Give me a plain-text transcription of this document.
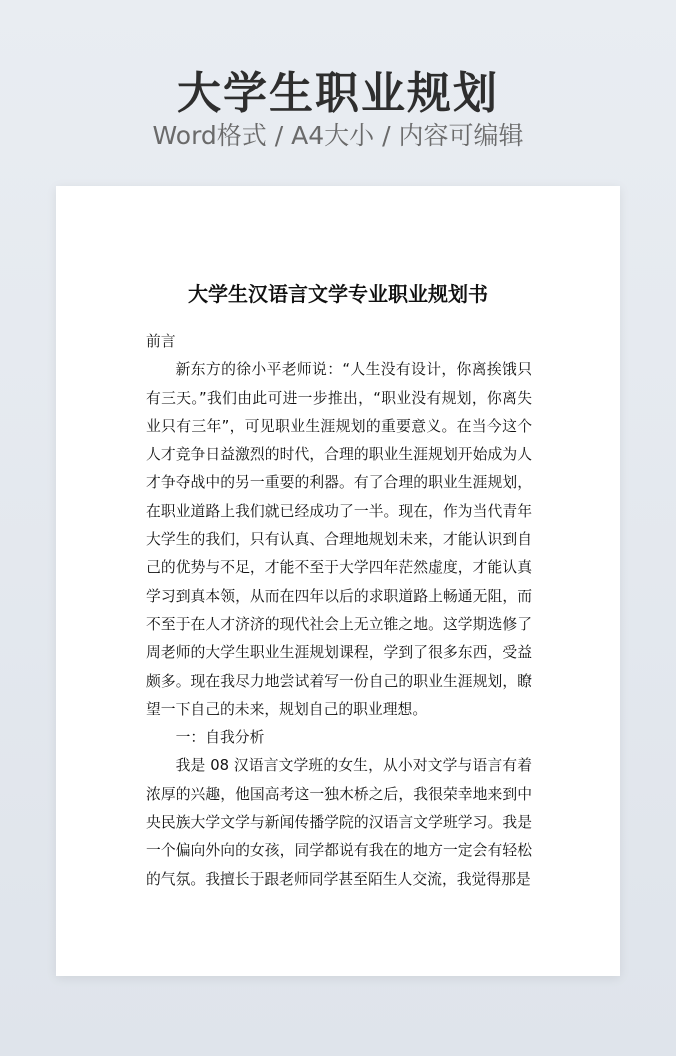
大学生职业规划
Word格式 / A4大小 / 内容可编辑
大学生汉语言文学专业职业规划书

前言

新东方的徐小平老师说：“人生没有设计，你离挨饿只有三天。”我们由此可进一步推出，“职业没有规划，你离失业只有三年”，可见职业生涯规划的重要意义。在当今这个人才竞争日益激烈的时代，合理的职业生涯规划开始成为人才争夺战中的另一重要的利器。有了合理的职业生涯规划，在职业道路上我们就已经成功了一半。现在，作为当代青年大学生的我们，只有认真、合理地规划未来，才能认识到自己的优势与不足，才能不至于大学四年茫然虚度，才能认真学习到真本领，从而在四年以后的求职道路上畅通无阻，而不至于在人才济济的现代社会上无立锥之地。这学期选修了周老师的大学生职业生涯规划课程，学到了很多东西，受益颇多。现在我尽力地尝试着写一份自己的职业生涯规划，瞭望一下自己的未来，规划自己的职业理想。

一：自我分析

我是 08 汉语言文学班的女生，从小对文学与语言有着浓厚的兴趣，他国高考这一独木桥之后，我很荣幸地来到中央民族大学文学与新闻传播学院的汉语言文学班学习。我是一个偏向外向的女孩，同学都说有我在的地方一定会有轻松的气氛。我擅长于跟老师同学甚至陌生人交流，我觉得那是
